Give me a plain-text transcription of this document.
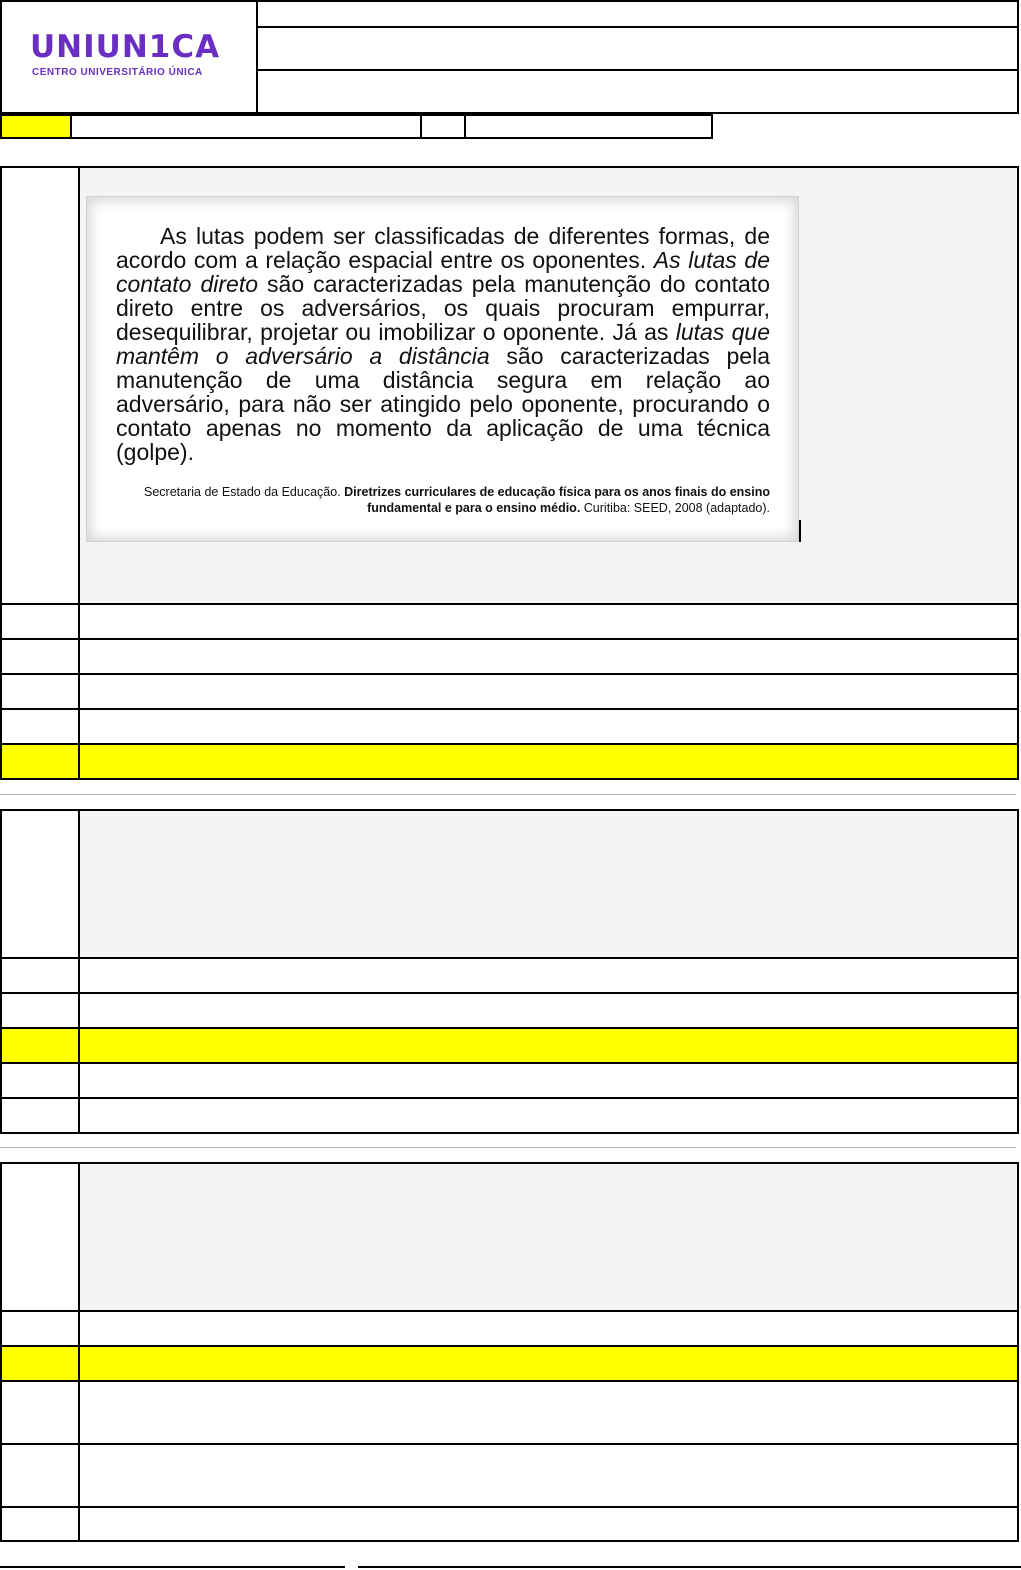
UNIUN1CA
CENTRO UNIVERSITÁRIO ÚNICA

As lutas podem ser classificadas de diferentes formas, de acordo com a relação espacial entre os oponentes. As lutas de contato direto são caracterizadas pela manutenção do contato direto entre os adversários, os quais procuram empurrar, desequilibrar, projetar ou imobilizar o oponente. Já as lutas que mantêm o adversário a distância são caracterizadas pela manutenção de uma distância segura em relação ao adversário, para não ser atingido pelo oponente, procurando o contato apenas no momento da aplicação de uma técnica (golpe).

Secretaria de Estado da Educação. Diretrizes curriculares de educação física para os anos finais do ensino fundamental e para o ensino médio. Curitiba: SEED, 2008 (adaptado).
